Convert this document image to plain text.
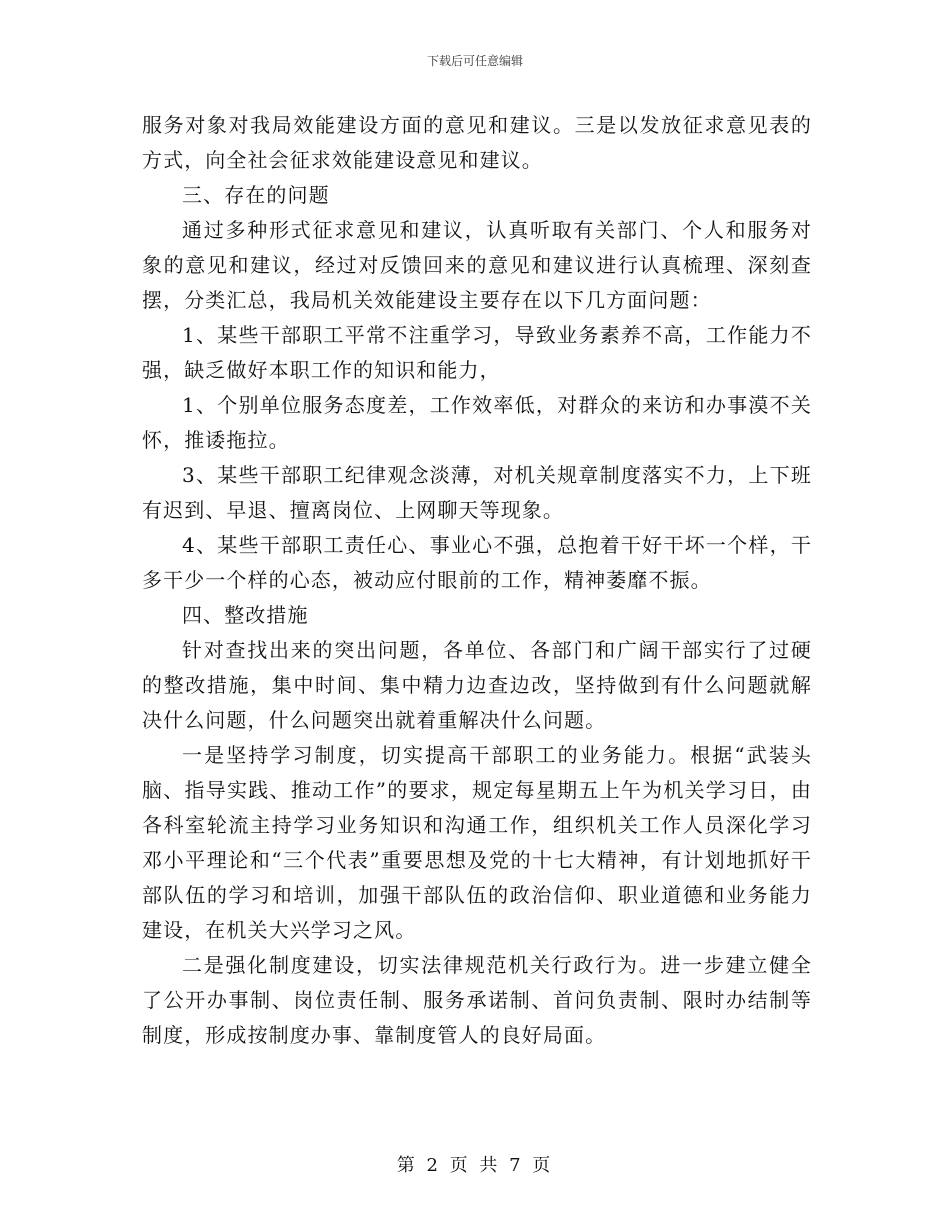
下载后可任意编辑

服务对象对我局效能建设方面的意见和建议。三是以发放征求意见表的方式，向全社会征求效能建设意见和建议。

三、存在的问题

通过多种形式征求意见和建议，认真听取有关部门、个人和服务对象的意见和建议，经过对反馈回来的意见和建议进行认真梳理、深刻查摆，分类汇总，我局机关效能建设主要存在以下几方面问题：

1、某些干部职工平常不注重学习，导致业务素养不高，工作能力不强，缺乏做好本职工作的知识和能力，

1、个别单位服务态度差，工作效率低，对群众的来访和办事漠不关怀，推诿拖拉。

3、某些干部职工纪律观念淡薄，对机关规章制度落实不力，上下班有迟到、早退、擅离岗位、上网聊天等现象。

4、某些干部职工责任心、事业心不强，总抱着干好干坏一个样，干多干少一个样的心态，被动应付眼前的工作，精神萎靡不振。

四、整改措施

针对查找出来的突出问题，各单位、各部门和广阔干部实行了过硬的整改措施，集中时间、集中精力边查边改，坚持做到有什么问题就解决什么问题，什么问题突出就着重解决什么问题。

一是坚持学习制度，切实提高干部职工的业务能力。根据“武装头脑、指导实践、推动工作”的要求，规定每星期五上午为机关学习日，由各科室轮流主持学习业务知识和沟通工作，组织机关工作人员深化学习邓小平理论和“三个代表”重要思想及党的十七大精神，有计划地抓好干部队伍的学习和培训，加强干部队伍的政治信仰、职业道德和业务能力建设，在机关大兴学习之风。

二是强化制度建设，切实法律规范机关行政行为。进一步建立健全了公开办事制、岗位责任制、服务承诺制、首问负责制、限时办结制等制度，形成按制度办事、靠制度管人的良好局面。

第 2 页 共 7 页
